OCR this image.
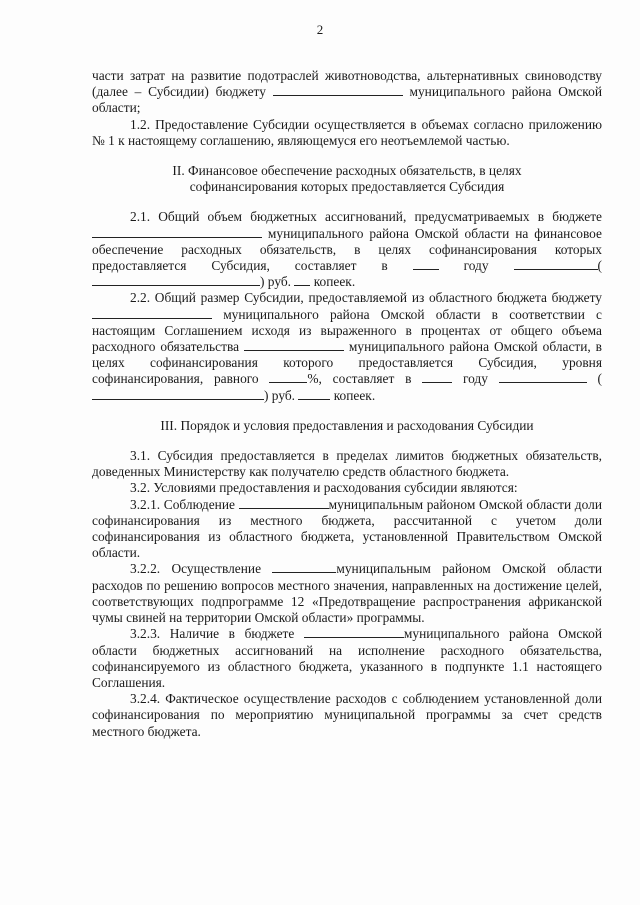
2

части затрат на развитие подотраслей животноводства, альтернативных свиноводству (далее – Субсидии) бюджету	муниципального района Омской области;

1.2. Предоставление Субсидии осуществляется в объемах согласно приложению № 1 к настоящему соглашению, являющемуся его неотъемлемой частью.

II. Финансовое обеспечение расходных обязательств, в целях софинансирования которых предоставляется Субсидия

2.1. Общий объем бюджетных ассигнований, предусматриваемых в бюджете  муниципального района Омской области на финансовое обеспечение расходных обязательств, в целях софинансирования которых предоставляется Субсидия, составляет в	году	() руб. копеек.

2.2. Общий размер Субсидии, предоставляемой из областного бюджета бюджету  муниципального района Омской области в соответствии с настоящим Соглашением исходя из выраженного в процентах от общего объема расходного обязательства	муниципального района Омской области, в целях софинансирования которого предоставляется Субсидия, уровня софинансирования, равного	%, составляет в	году	() руб.	копеек.

III. Порядок и условия предоставления и расходования Субсидии

3.1. Субсидия предоставляется в пределах лимитов бюджетных обязательств, доведенных Министерству как получателю средств областного бюджета.

3.2. Условиями предоставления и расходования субсидии являются:

3.2.1. Соблюдение	муниципальным районом Омской области доли софинансирования из местного бюджета, рассчитанной с учетом доли софинансирования из областного бюджета, установленной Правительством Омской области.

3.2.2. Осуществление	муниципальным районом Омской области расходов по решению вопросов местного значения, направленных на достижение целей, соответствующих подпрограмме 12 «Предотвращение распространения африканской чумы свиней на территории Омской области» программы.

3.2.3. Наличие в бюджете	муниципального района Омской области бюджетных ассигнований на исполнение расходного обязательства, софинансируемого из областного бюджета, указанного в подпункте 1.1 настоящего Соглашения.

3.2.4. Фактическое осуществление расходов с соблюдением установленной доли софинансирования по мероприятию муниципальной программы за счет средств местного бюджета.
